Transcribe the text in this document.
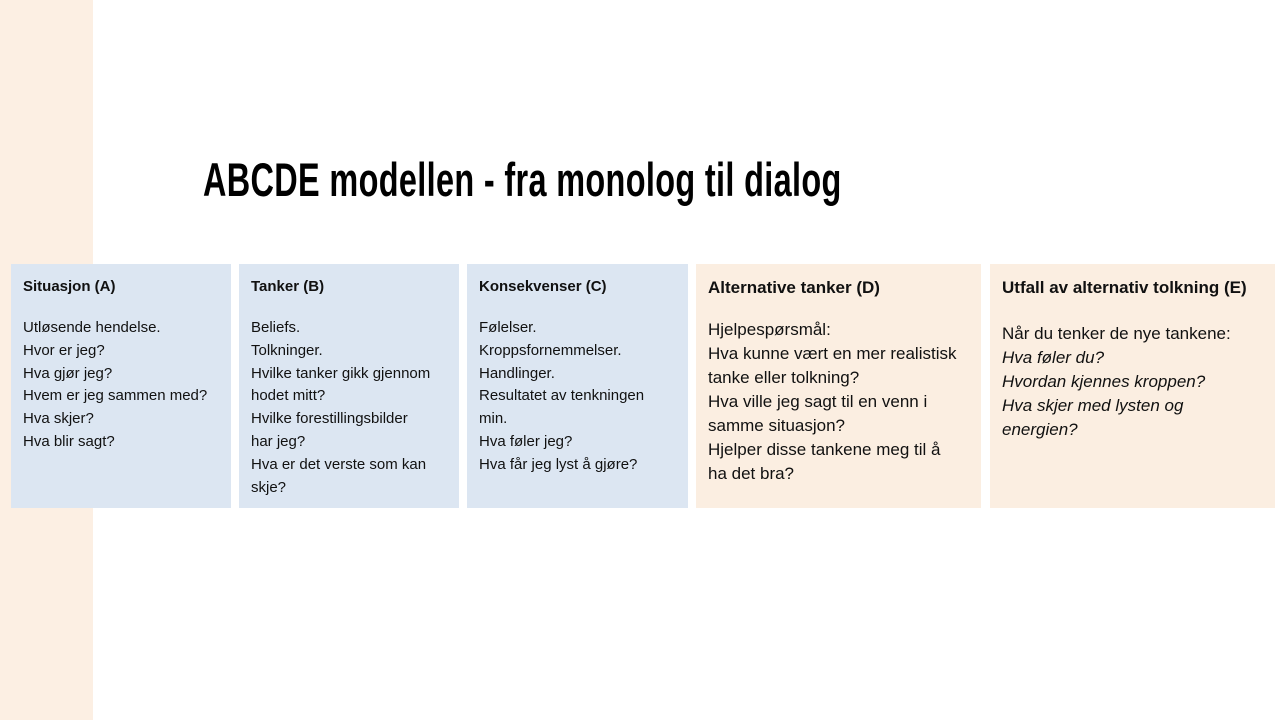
ABCDE modellen - fra monolog til dialog
Situasjon (A)
Utløsende hendelse.
Hvor er jeg?
Hva gjør jeg?
Hvem er jeg sammen med?
Hva skjer?
Hva blir sagt?
Tanker (B)
Beliefs.
Tolkninger.
Hvilke tanker gikk gjennom
hodet mitt?
Hvilke forestillingsbilder
har jeg?
Hva er det verste som kan
skje?
Konsekvenser (C)
Følelser.
Kroppsfornemmelser.
Handlinger.
Resultatet av tenkningen
min.
Hva føler jeg?
Hva får jeg lyst å gjøre?
Alternative tanker (D)
Hjelpespørsmål:
Hva kunne vært en mer realistisk
tanke eller tolkning?
Hva ville jeg sagt til en venn i
samme situasjon?
Hjelper disse tankene meg til å
ha det bra?
Utfall av alternativ tolkning (E)
Når du tenker de nye tankene:
Hva føler du?
Hvordan kjennes kroppen?
Hva skjer med lysten og
energien?
